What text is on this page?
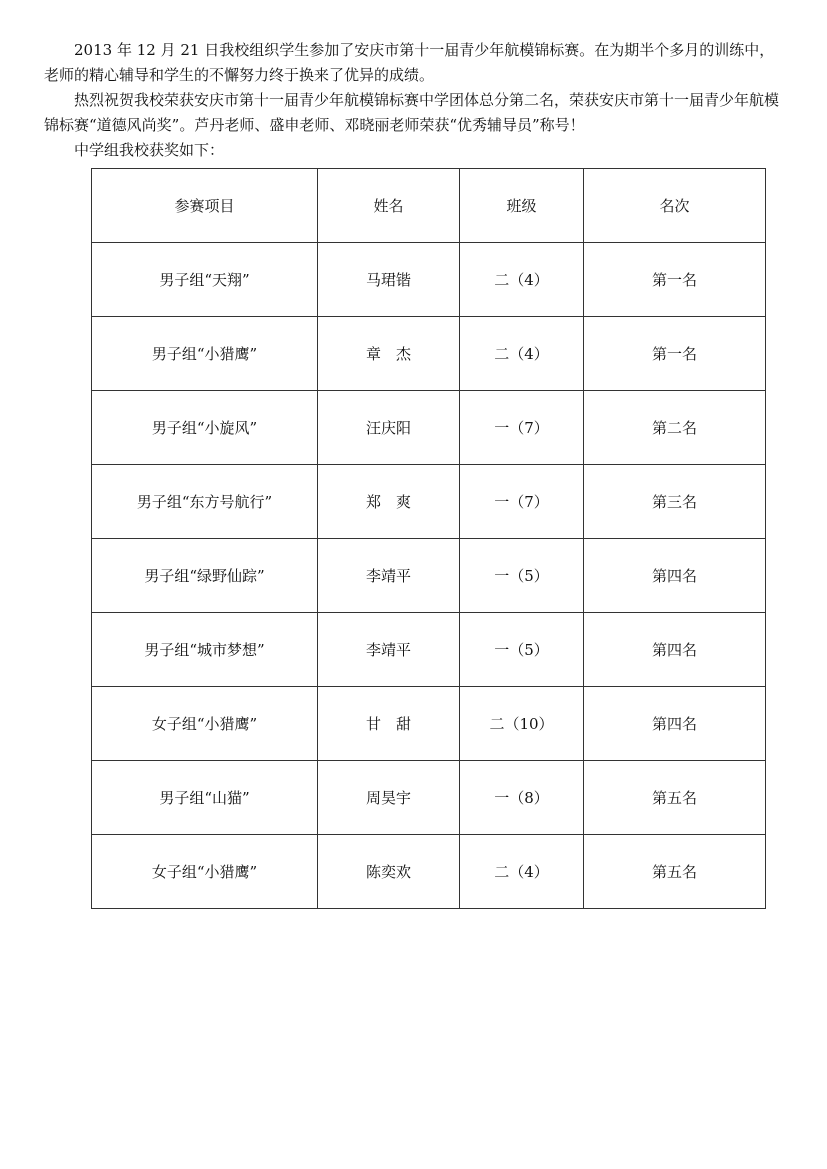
2013 年 12 月 21 日我校组织学生参加了安庆市第十一届青少年航模锦标赛。在为期半个多月的训练中，老师的精心辅导和学生的不懈努力终于换来了优异的成绩。

热烈祝贺我校荣获安庆市第十一届青少年航模锦标赛中学团体总分第二名，荣获安庆市第十一届青少年航模锦标赛“道德风尚奖”。芦丹老师、盛申老师、邓晓丽老师荣获“优秀辅导员”称号！

中学组我校获奖如下：

参赛项目	姓名	班级	名次
男子组“天翔”	马珺锴	二（4）	第一名
男子组“小猎鹰”	章　杰	二（4）	第一名
男子组“小旋风”	汪庆阳	一（7）	第二名
男子组“东方号航行”	郑　爽	一（7）	第三名
男子组“绿野仙踪”	李靖平	一（5）	第四名
男子组“城市梦想”	李靖平	一（5）	第四名
女子组“小猎鹰”	甘　甜	二（10）	第四名
男子组“山猫”	周昊宇	一（8）	第五名
女子组“小猎鹰”	陈奕欢	二（4）	第五名
